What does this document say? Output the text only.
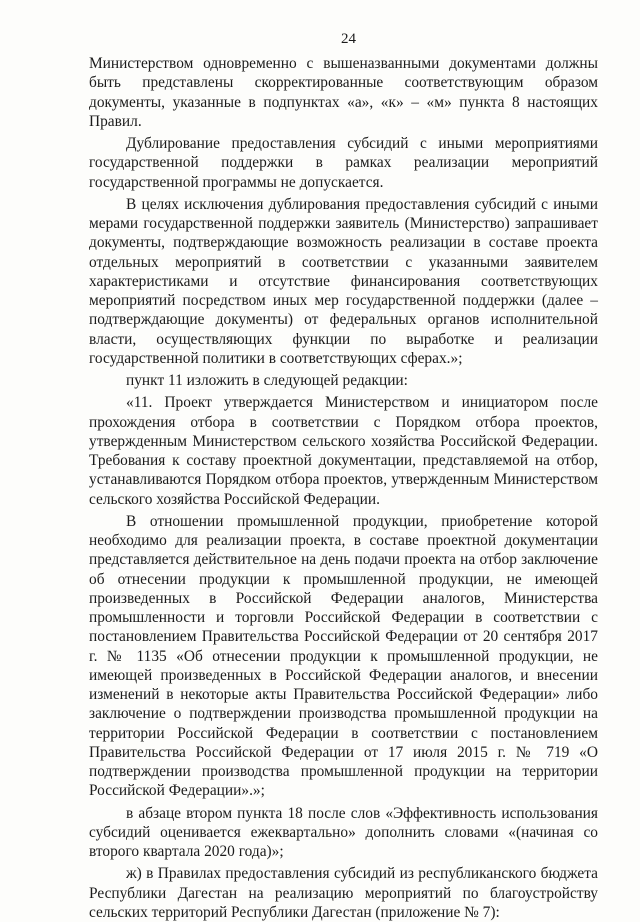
24

Министерством одновременно с вышеназванными документами должны быть представлены скорректированные соответствующим образом документы, указанные в подпунктах «а», «к» – «м» пункта 8 настоящих Правил.

Дублирование предоставления субсидий с иными мероприятиями государственной поддержки в рамках реализации мероприятий государственной программы не допускается.

В целях исключения дублирования предоставления субсидий с иными мерами государственной поддержки заявитель (Министерство) запрашивает документы, подтверждающие возможность реализации в составе проекта отдельных мероприятий в соответствии с указанными заявителем характеристиками и отсутствие финансирования соответствующих мероприятий посредством иных мер государственной поддержки (далее – подтверждающие документы) от федеральных органов исполнительной власти, осуществляющих функции по выработке и реализации государственной политики в соответствующих сферах.»;

пункт 11 изложить в следующей редакции:

«11. Проект утверждается Министерством и инициатором после прохождения отбора в соответствии с Порядком отбора проектов, утвержденным Министерством сельского хозяйства Российской Федерации. Требования к составу проектной документации, представляемой на отбор, устанавливаются Порядком отбора проектов, утвержденным Министерством сельского хозяйства Российской Федерации.

В отношении промышленной продукции, приобретение которой необходимо для реализации проекта, в составе проектной документации представляется действительное на день подачи проекта на отбор заключение об отнесении продукции к промышленной продукции, не имеющей произведенных в Российской Федерации аналогов, Министерства промышленности и торговли Российской Федерации в соответствии с постановлением Правительства Российской Федерации от 20 сентября 2017 г. № 1135 «Об отнесении продукции к промышленной продукции, не имеющей произведенных в Российской Федерации аналогов, и внесении изменений в некоторые акты Правительства Российской Федерации» либо заключение о подтверждении производства промышленной продукции на территории Российской Федерации в соответствии с постановлением Правительства Российской Федерации от 17 июля 2015 г. № 719 «О подтверждении производства промышленной продукции на территории Российской Федерации».»;

в абзаце втором пункта 18 после слов «Эффективность использования субсидий оценивается ежеквартально» дополнить словами «(начиная со второго квартала 2020 года)»;

ж) в Правилах предоставления субсидий из республиканского бюджета Республики Дагестан на реализацию мероприятий по благоустройству сельских территорий Республики Дагестан (приложение № 7):
